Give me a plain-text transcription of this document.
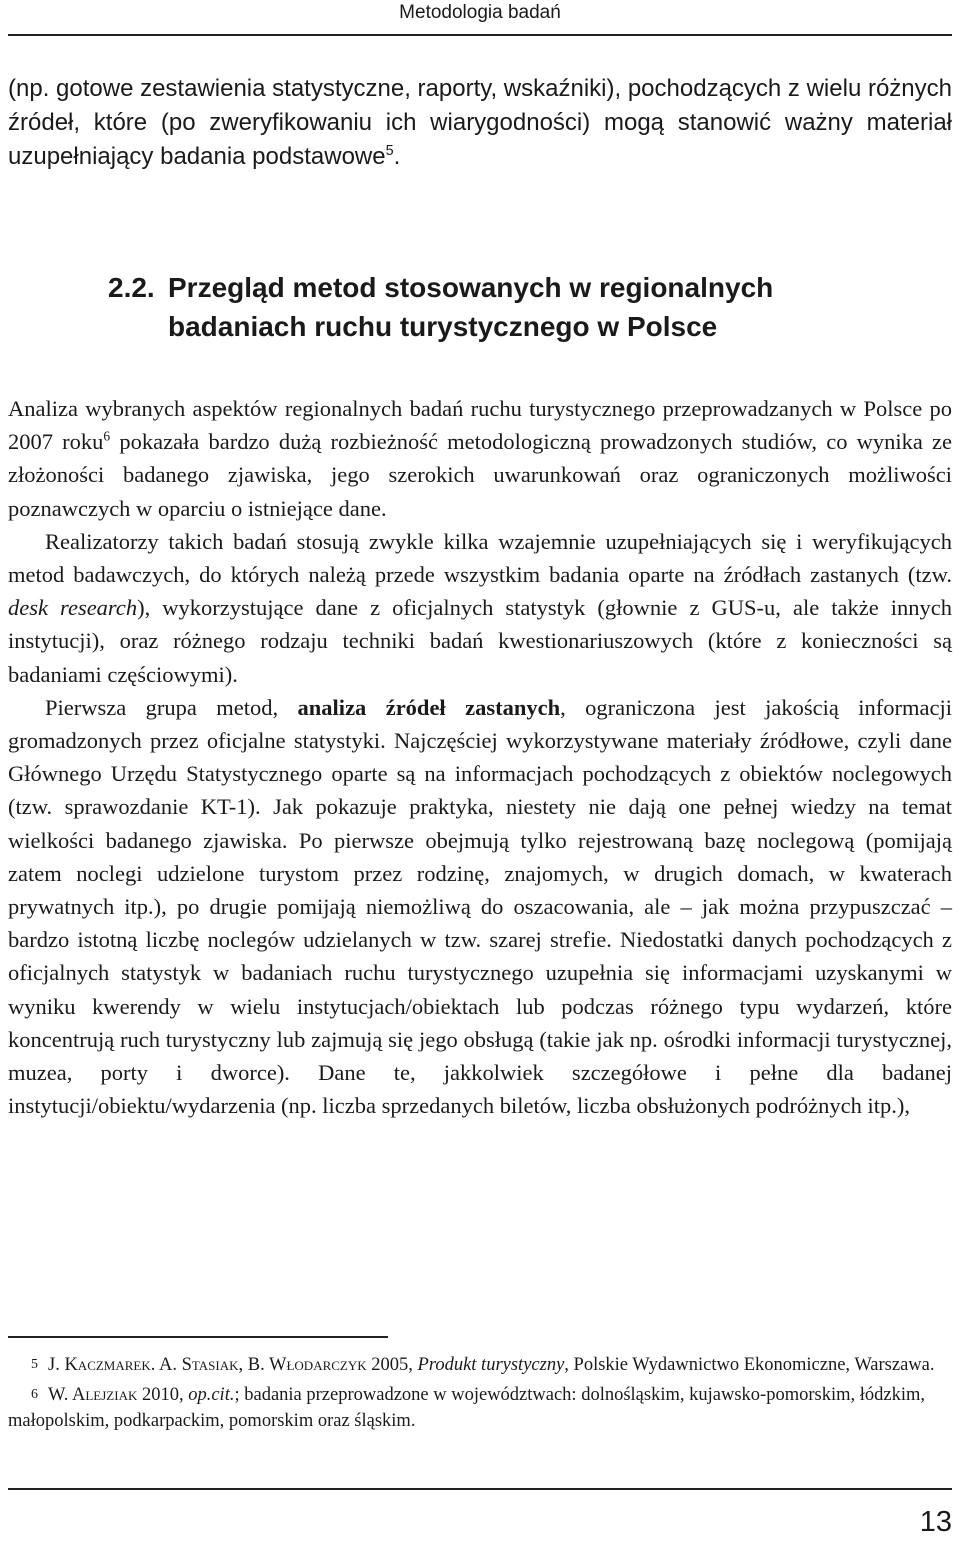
Metodologia badań

(np. gotowe zestawienia statystyczne, raporty, wskaźniki), pochodzących z wielu różnych źródeł, które (po zweryfikowaniu ich wiarygodności) mogą stanowić ważny materiał uzupełniający badania podstawowe$^5$.

2.2. Przegląd metod stosowanych w regionalnych badaniach ruchu turystycznego w Polsce

Analiza wybranych aspektów regionalnych badań ruchu turystycznego przeprowadzanych w Polsce po 2007 roku$^6$ pokazała bardzo dużą rozbieżność metodologiczną prowadzonych studiów, co wynika ze złożoności badanego zjawiska, jego szerokich uwarunkowań oraz ograniczonych możliwości poznawczych w oparciu o istniejące dane.

Realizatorzy takich badań stosują zwykle kilka wzajemnie uzupełniających się i weryfikujących metod badawczych, do których należą przede wszystkim badania oparte na źródłach zastanych (tzw. desk research), wykorzystujące dane z oficjalnych statystyk (głownie z GUS-u, ale także innych instytucji), oraz różnego rodzaju techniki badań kwestionariuszowych (które z konieczności są badaniami częściowymi).

Pierwsza grupa metod, analiza źródeł zastanych, ograniczona jest jakością informacji gromadzonych przez oficjalne statystyki. Najczęściej wykorzystywane materiały źródłowe, czyli dane Głównego Urzędu Statystycznego oparte są na informacjach pochodzących z obiektów noclegowych (tzw. sprawozdanie KT-1). Jak pokazuje praktyka, niestety nie dają one pełnej wiedzy na temat wielkości badanego zjawiska. Po pierwsze obejmują tylko rejestrowaną bazę noclegową (pomijają zatem noclegi udzielone turystom przez rodzinę, znajomych, w drugich domach, w kwaterach prywatnych itp.), po drugie pomijają niemożliwą do oszacowania, ale – jak można przypuszczać – bardzo istotną liczbę noclegów udzielanych w tzw. szarej strefie. Niedostatki danych pochodzących z oficjalnych statystyk w badaniach ruchu turystycznego uzupełnia się informacjami uzyskanymi w wyniku kwerendy w wielu instytucjach/obiektach lub podczas różnego typu wydarzeń, które koncentrują ruch turystyczny lub zajmują się jego obsługą (takie jak np. ośrodki informacji turystycznej, muzea, porty i dworce). Dane te, jakkolwiek szczegółowe i pełne dla badanej instytucji/obiektu/wydarzenia (np. liczba sprzedanych biletów, liczba obsłużonych podróżnych itp.),

5 J. Kaczmarek. A. Stasiak, B. Włodarczyk 2005, Produkt turystyczny, Polskie Wydawnictwo Ekonomiczne, Warszawa.

6 W. Alejziak 2010, op.cit.; badania przeprowadzone w województwach: dolnośląskim, kujawsko-pomorskim, łódzkim, małopolskim, podkarpackim, pomorskim oraz śląskim.

13
